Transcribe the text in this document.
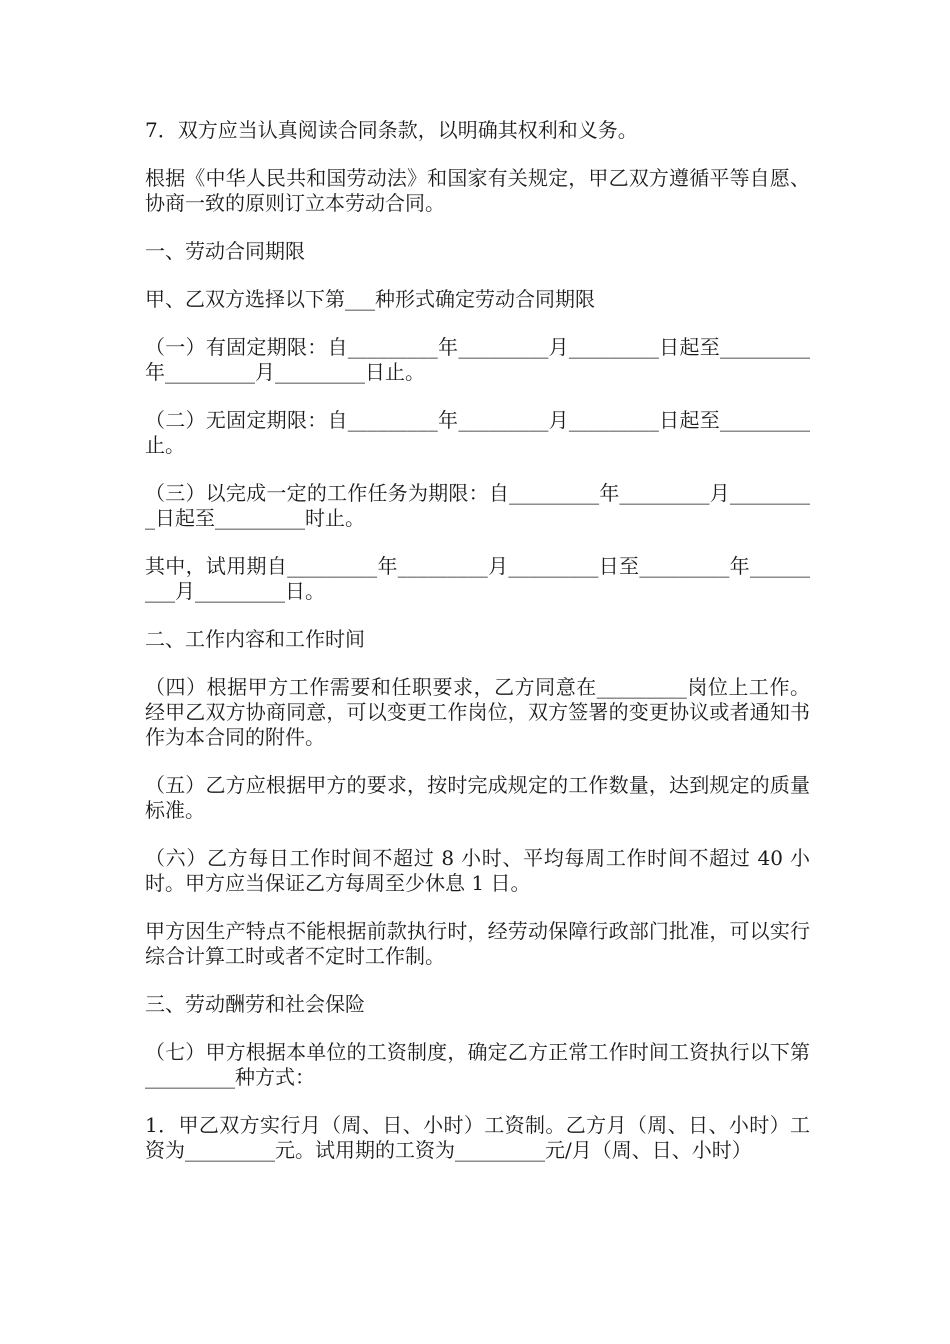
7．双方应当认真阅读合同条款，以明确其权利和义务。

根据《中华人民共和国劳动法》和国家有关规定，甲乙双方遵循平等自愿、协商一致的原则订立本劳动合同。

一、劳动合同期限

甲、乙双方选择以下第___种形式确定劳动合同期限

（一）有固定期限：自_________年_________月_________日起至_________年_________月_________日止。

（二）无固定期限：自_________年_________月_________日起至_________止。

（三）以完成一定的工作任务为期限：自_________年_________月_________日起至_________时止。

其中，试用期自_________年_________月_________日至_________年_________月_________日。

二、工作内容和工作时间

（四）根据甲方工作需要和任职要求，乙方同意在_________岗位上工作。经甲乙双方协商同意，可以变更工作岗位，双方签署的变更协议或者通知书作为本合同的附件。

（五）乙方应根据甲方的要求，按时完成规定的工作数量，达到规定的质量标准。

（六）乙方每日工作时间不超过 8 小时、平均每周工作时间不超过 40 小时。甲方应当保证乙方每周至少休息 1 日。

甲方因生产特点不能根据前款执行时，经劳动保障行政部门批准，可以实行综合计算工时或者不定时工作制。

三、劳动酬劳和社会保险

（七）甲方根据本单位的工资制度，确定乙方正常工作时间工资执行以下第_________种方式：

1．甲乙双方实行月（周、日、小时）工资制。乙方月（周、日、小时）工资为_________元。试用期的工资为_________元/月（周、日、小时）
